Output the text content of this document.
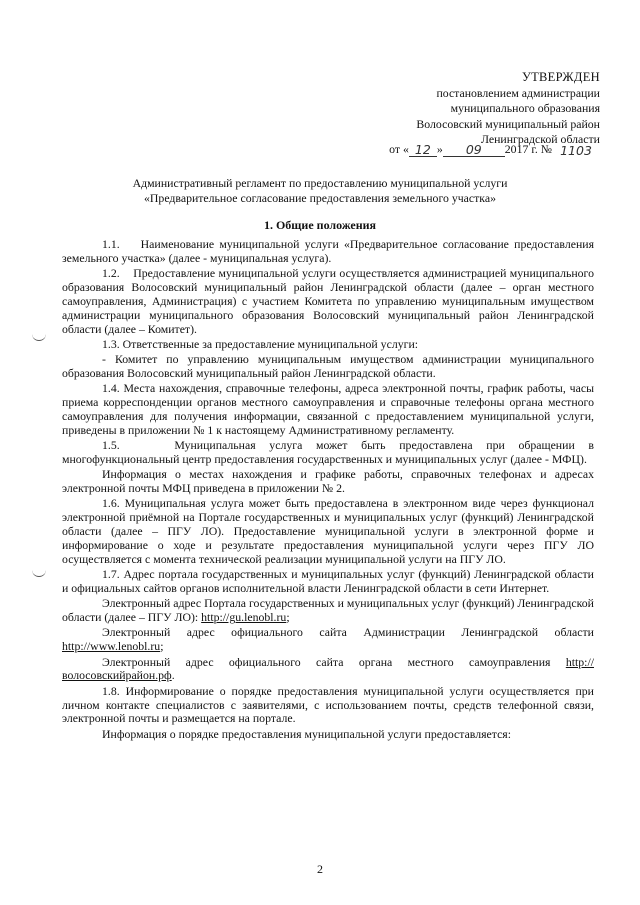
УТВЕРЖДЕН
постановлением администрации
муниципального образования
Волосовский муниципальный район
Ленинградской области
от « 12 »	09	2017 г.
№ 1103
Административный регламент по предоставлению муниципальной услуги
«Предварительное согласование предоставления земельного участка»
1. Общие положения

1.1.    Наименование муниципальной услуги «Предварительное согласование предоставления земельного участка» (далее - муниципальная услуга).

1.2.    Предоставление муниципальной услуги осуществляется администрацией муниципального образования Волосовский муниципальный район Ленинградской области (далее – орган местного самоуправления, Администрация) с участием Комитета по управлению муниципальным имуществом администрации муниципального образования Волосовский муниципальный район Ленинградской области (далее – Комитет).

1.3. Ответственные за предоставление муниципальной услуги:

- Комитет по управлению муниципальным имуществом администрации муниципального образования Волосовский муниципальный район Ленинградской области.

1.4. Места нахождения, справочные телефоны, адреса электронной почты, график работы, часы приема корреспонденции органов местного самоуправления и справочные телефоны органа местного самоуправления для получения информации, связанной с предоставлением муниципальной услуги, приведены в приложении № 1 к настоящему Административному регламенту.

1.5.    Муниципальная услуга может быть предоставлена при обращении в многофункциональный центр предоставления государственных и муниципальных услуг (далее - МФЦ).

Информация о местах нахождения и графике работы, справочных телефонах и адресах электронной почты МФЦ приведена в приложении № 2.

1.6. Муниципальная услуга может быть предоставлена в электронном виде через функционал электронной приёмной на Портале государственных и муниципальных услуг (функций) Ленинградской области (далее – ПГУ ЛО). Предоставление муниципальной услуги в электронной форме и информирование о ходе и результате предоставления муниципальной услуги через ПГУ ЛО осуществляется с момента технической реализации муниципальной услуги на ПГУ ЛО.

1.7. Адрес портала государственных и муниципальных услуг (функций) Ленинградской области и официальных сайтов органов исполнительной власти Ленинградской области в сети Интернет.

Электронный адрес Портала государственных и муниципальных услуг (функций) Ленинградской области (далее – ПГУ ЛО): http://gu.lenobl.ru;

Электронный адрес официального сайта Администрации Ленинградской области http://www.lenobl.ru;

Электронный адрес официального сайта органа местного самоуправления http://волосовскийрайон.рф.

1.8. Информирование о порядке предоставления муниципальной услуги осуществляется при личном контакте специалистов с заявителями, с использованием почты, средств телефонной связи, электронной почты и размещается на портале.

Информация о порядке предоставления муниципальной услуги предоставляется:

2
